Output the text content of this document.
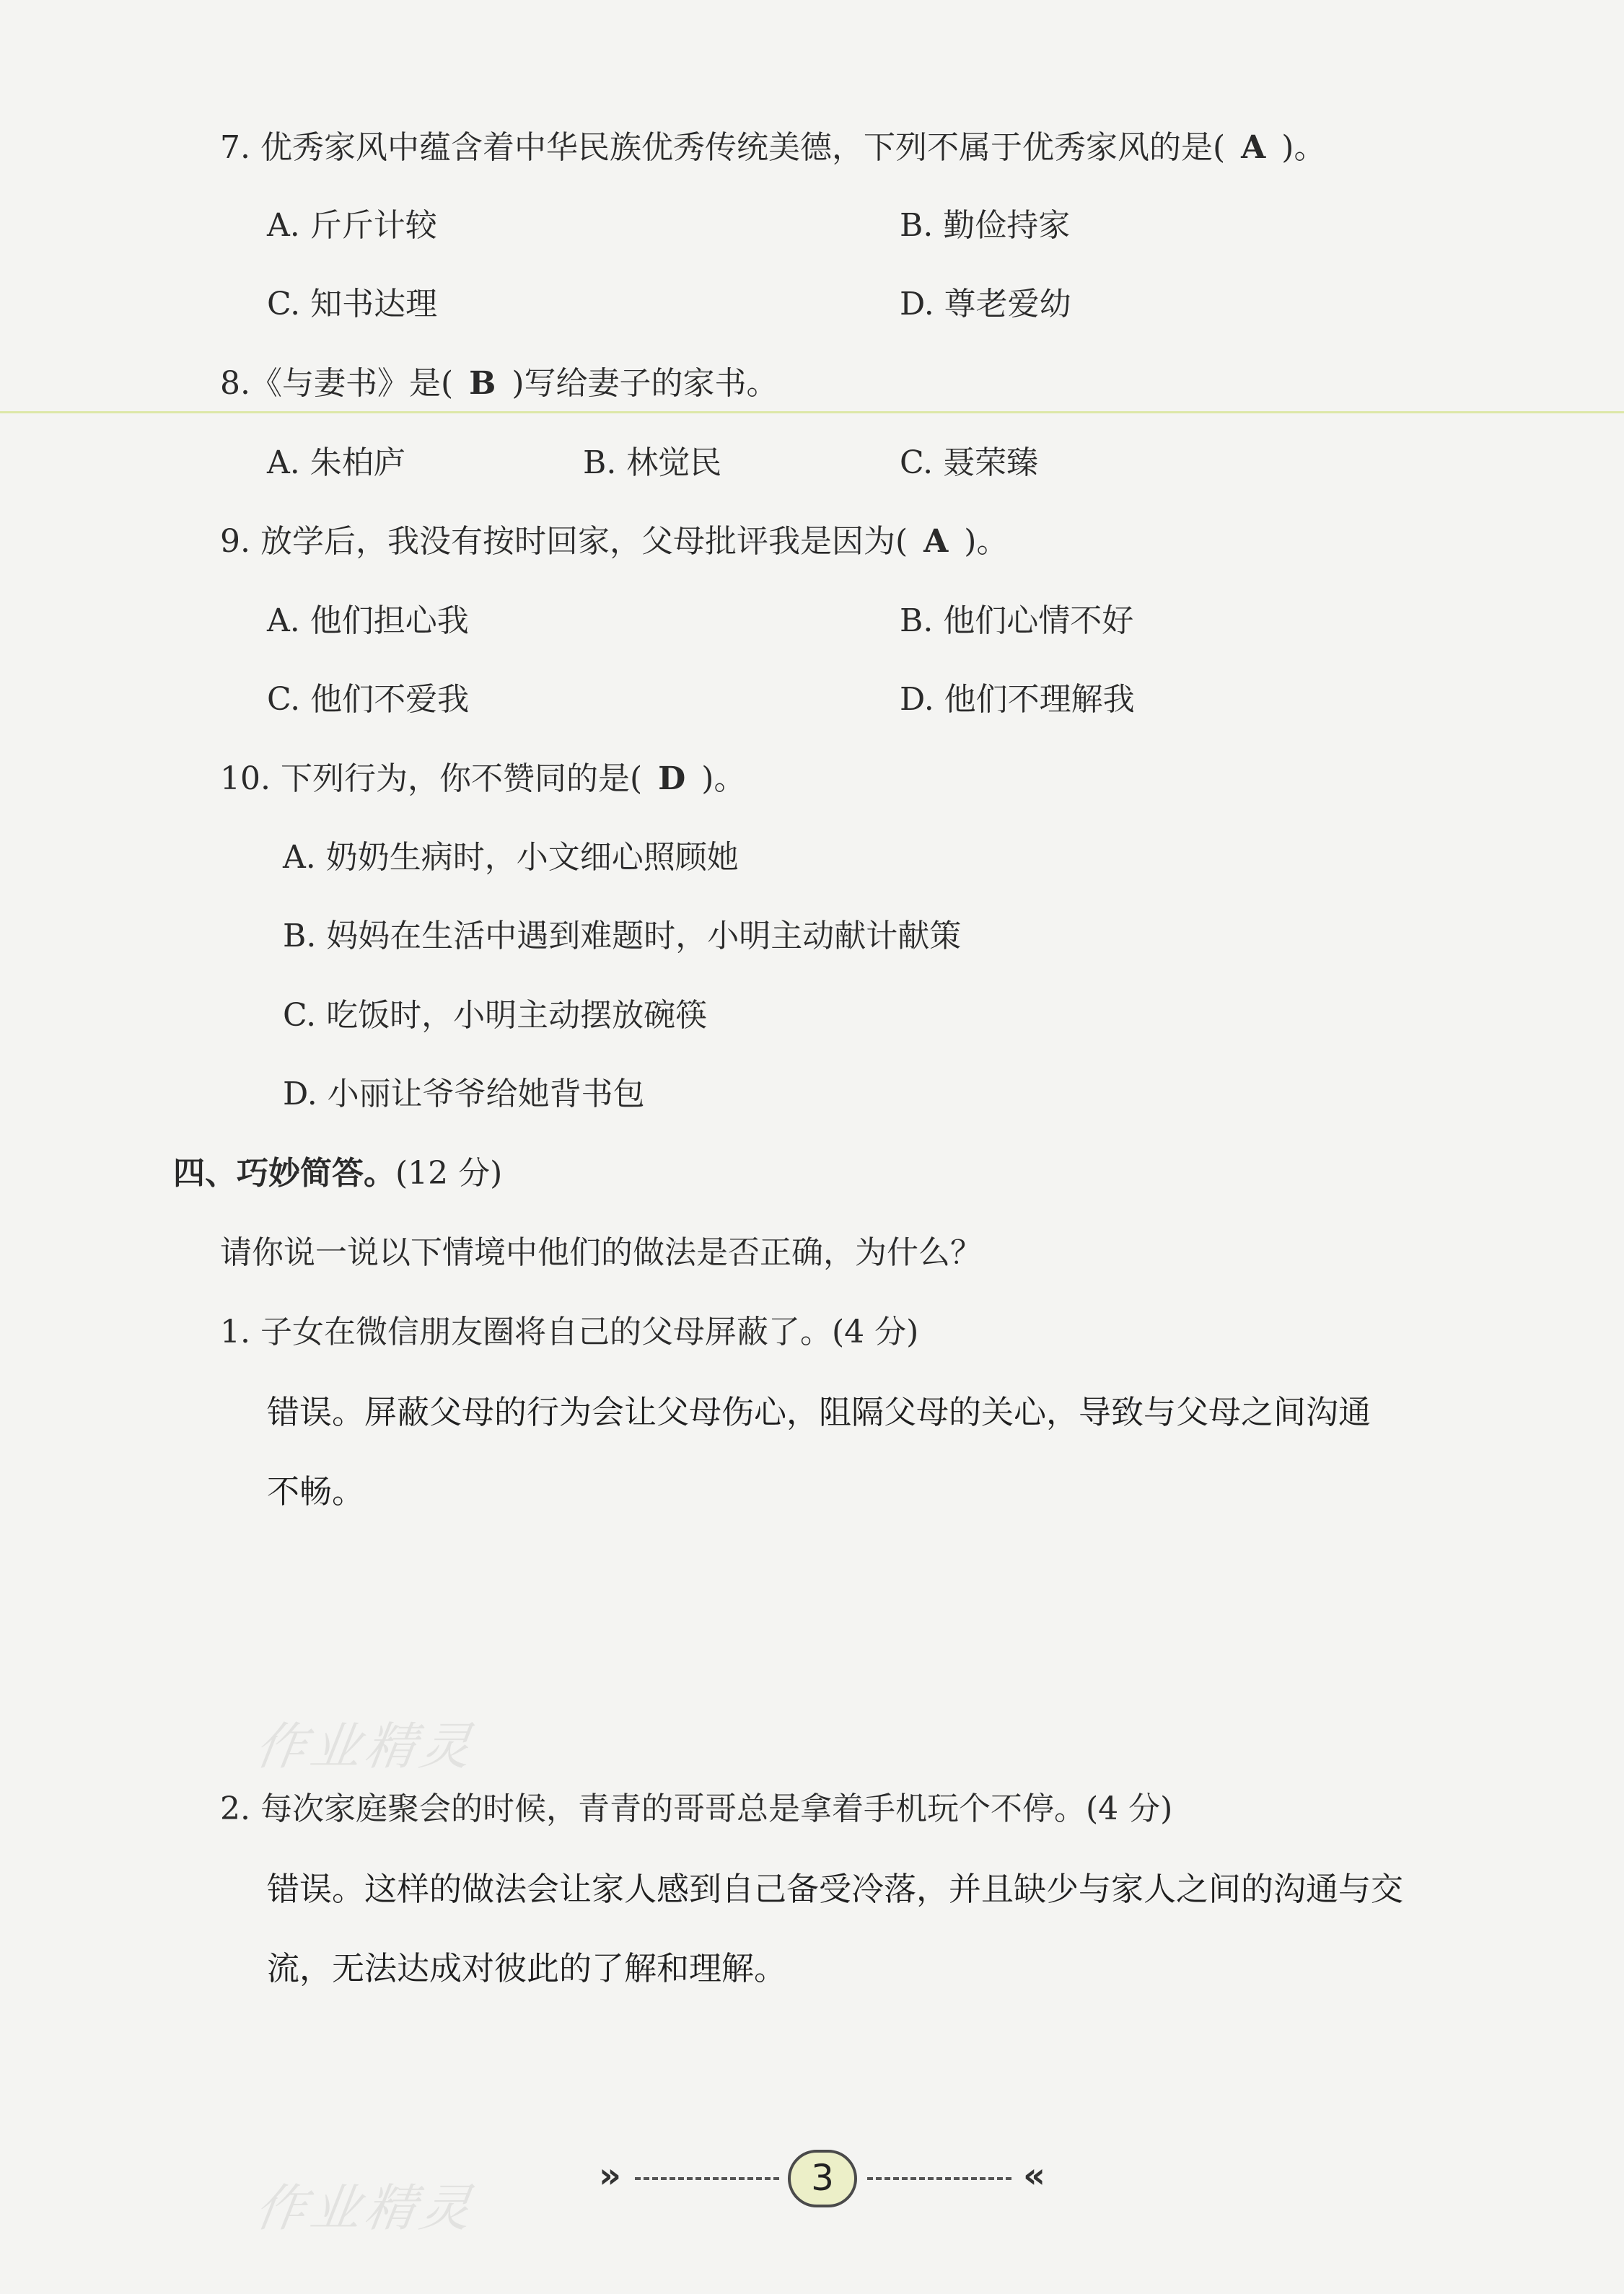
7. 优秀家风中蕴含着中华民族优秀传统美德，下列不属于优秀家风的是( A )。
A. 斤斤计较	B. 勤俭持家
C. 知书达理	D. 尊老爱幼
8.《与妻书》是( B )写给妻子的家书。
A. 朱柏庐	B. 林觉民	C. 聂荣臻
9. 放学后，我没有按时回家，父母批评我是因为( A )。
A. 他们担心我	B. 他们心情不好
C. 他们不爱我	D. 他们不理解我
10. 下列行为，你不赞同的是( D )。
A. 奶奶生病时，小文细心照顾她
B. 妈妈在生活中遇到难题时，小明主动献计献策
C. 吃饭时，小明主动摆放碗筷
D. 小丽让爷爷给她背书包
四、巧妙简答。(12 分)
请你说一说以下情境中他们的做法是否正确，为什么？
1. 子女在微信朋友圈将自己的父母屏蔽了。(4 分)
错误。屏蔽父母的行为会让父母伤心，阻隔父母的关心，导致与父母之间沟通
不畅。
作业精灵
2. 每次家庭聚会的时候，青青的哥哥总是拿着手机玩个不停。(4 分)
错误。这样的做法会让家人感到自己备受冷落，并且缺少与家人之间的沟通与交
流，无法达成对彼此的了解和理解。
作业精灵
»	3	«
